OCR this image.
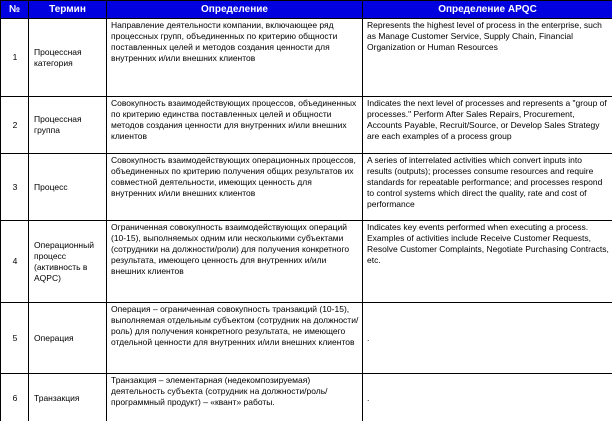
№	Термин	Определение	Определение APQC
1	Процессная категория	Направление деятельности компании, включающее ряд процессных групп, объединенных по критерию общности поставленных целей и методов создания ценности для внутренних и/или внешних клиентов	Represents the highest level of process in the enterprise, such as Manage Customer Service, Supply Chain, Financial Organization or Human Resources
2	Процессная группа	Совокупность взаимодействующих процессов, объединенных по критерию единства поставленных целей и общности методов создания ценности для внутренних и/или внешних клиентов	Indicates the next level of processes and represents a "group of processes." Perform After Sales Repairs, Procurement, Accounts Payable, Recruit/Source, or Develop Sales Strategy are each examples of a process group
3	Процесс	Совокупность взаимодействующих операционных процессов, объединенных по критерию получения общих результатов их совместной деятельности, имеющих ценность для внутренних и/или внешних клиентов	A series of interrelated activities which convert inputs into results (outputs); processes consume resources and require standards for repeatable performance; and processes respond to control systems which direct the quality, rate and cost of performance
4	Операционный процесс (активность в AQPC)	Ограниченная совокупность взаимодействующих операций (10-15), выполняемых одним или несколькими субъектами (сотрудники на должности/роли) для получения конкретного результата, имеющего ценность для внутренних и/или внешних клиентов	Indicates key events performed when executing a process. Examples of activities include Receive Customer Requests, Resolve Customer Complaints, Negotiate Purchasing Contracts, etc.
5	Операция	Операция – ограниченная совокупность транзакций (10-15), выполняемая отдельным субъектом (сотрудник на должности/роль) для получения конкретного результата, не имеющего отдельной ценности для внутренних и/или внешних клиентов	.
6	Транзакция	Транзакция – элементарная (недекомпозируемая) деятельность субъекта (сотрудник на должности/роль/программный продукт) – «квант» работы.	.
